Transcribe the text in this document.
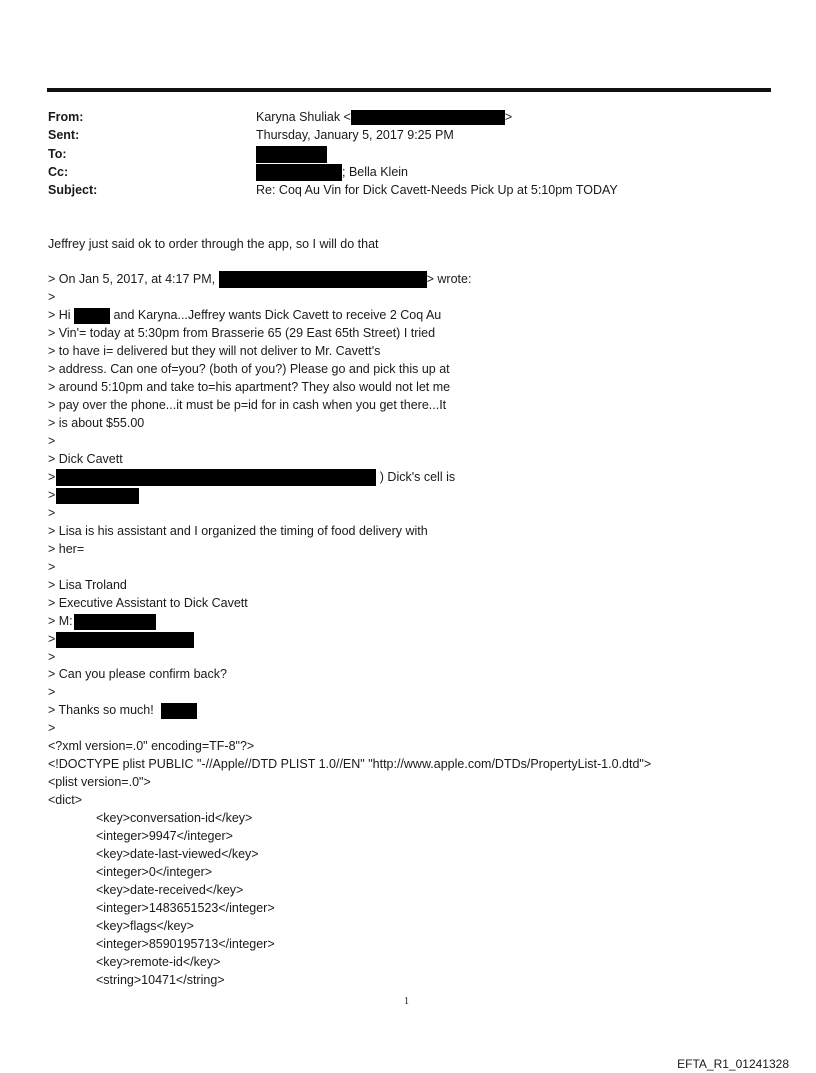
From:	Karyna Shuliak <	>
Sent:	Thursday, January 5, 2017 9:25 PM
To:
Cc:	; Bella Klein
Subject:	Re: Coq Au Vin for Dick Cavett-Needs Pick Up at 5:10pm TODAY
Jeffrey just said ok to order through the app, so I will do that
> On Jan 5, 2017, at 4:17 PM,	> wrote:
>
> Hi	and Karyna...Jeffrey wants Dick Cavett to receive 2 Coq Au
> Vin'= today at 5:30pm from Brasserie 65 (29 East 65th Street) I tried
> to have i= delivered but they will not deliver to Mr. Cavett's
> address. Can one of=you? (both of you?) Please go and pick this up at
> around 5:10pm and take to=his apartment? They also would not let me
> pay over the phone...it must be p=id for in cash when you get there...It
> is about $55.00
>
> Dick Cavett
>	) Dick's cell is
>
>
> Lisa is his assistant and I organized the timing of food delivery with
> her=
>
> Lisa Troland
> Executive Assistant to Dick Cavett
> M:
>
>
> Can you please confirm back?
>
> Thanks so much!
>
<?xml version=.0" encoding=TF-8"?>
<!DOCTYPE plist PUBLIC "-//Apple//DTD PLIST 1.0//EN" "http://www.apple.com/DTDs/PropertyList-1.0.dtd">
<plist version=.0">
<dict>
<key>conversation-id</key>
<integer>9947</integer>
<key>date-last-viewed</key>
<integer>0</integer>
<key>date-received</key>
<integer>1483651523</integer>
<key>flags</key>
<integer>8590195713</integer>
<key>remote-id</key>
<string>10471</string>
1
EFTA_R1_01241328
